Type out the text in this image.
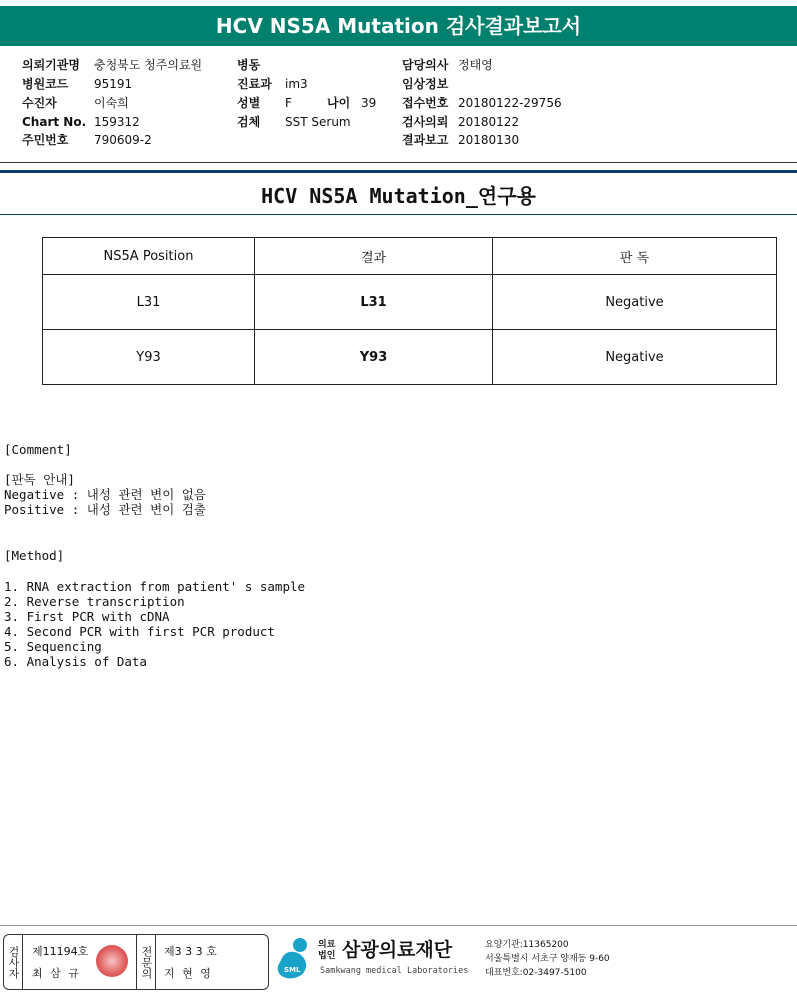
HCV NS5A Mutation 검사결과보고서
의뢰기관명 충청북도 청주의료원
병원코드 95191
수진자	이숙희
Chart No. 159312
주민번호 790609-2
병동
진료과 im3
성별 F	나이 39
검체 SST Serum
담당의사 정태영
임상정보
접수번호 20180122-29756
검사의뢰 20180122
결과보고 20180130
HCV NS5A Mutation_연구용
NS5A Position	결과	판 독
L31	L31	Negative
Y93	Y93	Negative
[Comment]
[판독 안내]
Negative : 내성 관련 변이 없음
Positive : 내성 관련 변이 검출
[Method]
1. RNA extraction from patient' s sample
2. Reverse transcription
3. First PCR with cDNA
4. Second PCR with first PCR product
5. Sequencing
6. Analysis of Data
검사자 제11194호
최 삼 규	전문의 제3 3 3 호
지 현 영	SML
의료
법인 삼광의료재단
Samkwang medical Laboratories
요양기관:11365200
서울특별시 서초구 양재동 9-60
대표번호:02-3497-5100
